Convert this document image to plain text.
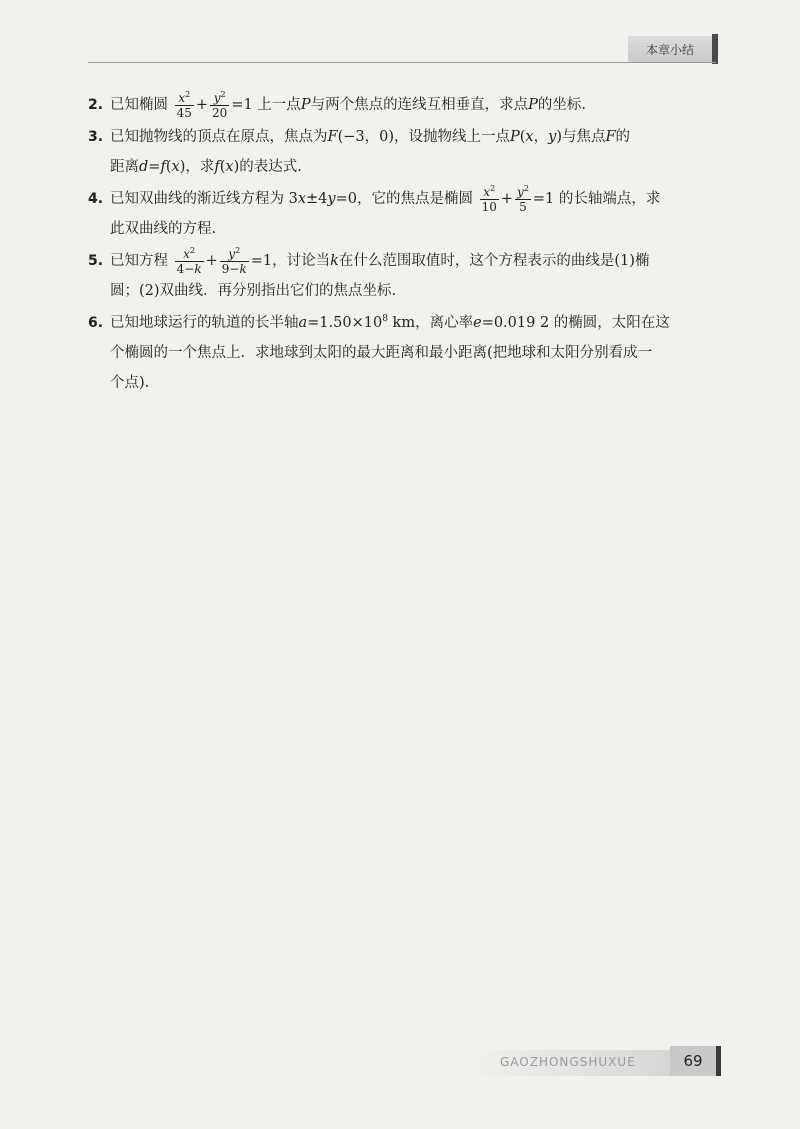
本章小结
2. 已知椭圆 $\frac{x^2}{45} + \frac{y^2}{20} =1$ 上一点P与两个焦点的连线互相垂直，求点P的坐标.
3. 已知抛物线的顶点在原点，焦点为F(−3，0)，设抛物线上一点P(x，y)与焦点F的
距离d=f(x)，求f(x)的表达式.
4. 已知双曲线的渐近线方程为 3x±4y=0，它的焦点是椭圆 $\frac{x^2}{10} + \frac{y^2}{5} =1$ 的长轴端点，求
此双曲线的方程.
5. 已知方程 $\frac{x^2}{4-k} + \frac{y^2}{9-k} =1$，讨论当k在什么范围取值时，这个方程表示的曲线是(1)椭
圆；(2)双曲线．再分别指出它们的焦点坐标.
6. 已知地球运行的轨道的长半轴$a=1.50\times 10^8$ km，离心率e=0.019 2 的椭圆，太阳在这
个椭圆的一个焦点上．求地球到太阳的最大距离和最小距离(把地球和太阳分别看成一
个点).
GAOZHONGSHUXUE	69
